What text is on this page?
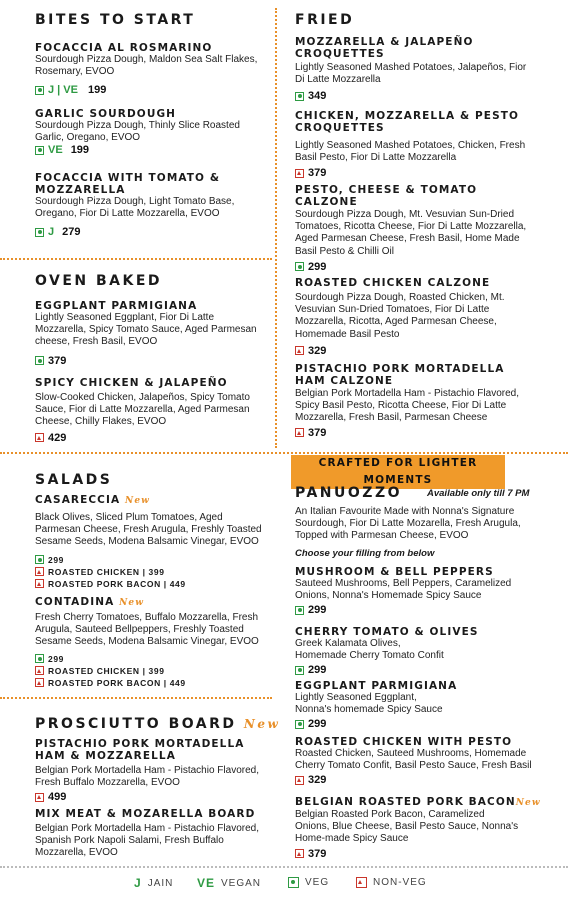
BITES TO START
FOCACCIA AL ROSMARINO
Sourdough Pizza Dough, Maldon Sea Salt Flakes, Rosemary, EVOO
J | VE 199
GARLIC SOURDOUGH
Sourdough Pizza Dough, Thinly Slice Roasted Garlic, Oregano, EVOO
VE 199
FOCACCIA WITH TOMATO & MOZZARELLA
Sourdough Pizza Dough, Light Tomato Base, Oregano, Fior Di Latte Mozzarella, EVOO
J 279
OVEN BAKED
EGGPLANT PARMIGIANA
Lightly Seasoned Eggplant, Fior Di Latte Mozzarella, Spicy Tomato Sauce, Aged Parmesan cheese, Fresh Basil, EVOO
379
SPICY CHICKEN & JALAPEÑO
Slow-Cooked Chicken, Jalapeños, Spicy Tomato Sauce, Fior di Latte Mozzarella, Aged Parmesan Cheese, Chilly Flakes, EVOO
429
SALADS
CASARECCIA New
Black Olives, Sliced Plum Tomatoes, Aged Parmesan Cheese, Fresh Arugula, Freshly Toasted Sesame Seeds, Modena Balsamic Vinegar, EVOO
299
ROASTED CHICKEN | 399
ROASTED PORK BACON | 449
CONTADINA New
Fresh Cherry Tomatoes, Buffalo Mozzarella, Fresh Arugula, Sauteed Bellpeppers, Freshly Toasted Sesame Seeds, Modena Balsamic Vinegar, EVOO
299
ROASTED CHICKEN | 399
ROASTED PORK BACON | 449
PROSCIUTTO BOARD New
PISTACHIO PORK MORTADELLA HAM & MOZZARELLA
Belgian Pork Mortadella Ham - Pistachio Flavored, Fresh Buffalo Mozzarella, EVOO
499
MIX MEAT & MOZARELLA BOARD
Belgian Pork Mortadella Ham - Pistachio Flavored, Spanish Pork Napoli Salami, Fresh Buffalo Mozzarella, EVOO
FRIED
MOZZARELLA & JALAPEÑO CROQUETTES
Lightly Seasoned Mashed Potatoes, Jalapeños, Fior Di Latte Mozzarella
349
CHICKEN, MOZZARELLA & PESTO CROQUETTES
Lightly Seasoned Mashed Potatoes, Chicken, Fresh Basil Pesto, Fior Di Latte Mozzarella
379
PESTO, CHEESE & TOMATO CALZONE
Sourdough Pizza Dough, Mt. Vesuvian Sun-Dried Tomatoes, Ricotta Cheese, Fior Di Latte Mozzarella, Aged Parmesan Cheese, Fresh Basil, Home Made Basil Pesto & Chilli Oil
299
ROASTED CHICKEN CALZONE
Sourdough Pizza Dough, Roasted Chicken, Mt. Vesuvian Sun-Dried Tomatoes, Fior Di Latte Mozzarella, Ricotta, Aged Parmesan Cheese, Homemade Basil Pesto
329
PISTACHIO PORK MORTADELLA HAM CALZONE
Belgian Pork Mortadella Ham - Pistachio Flavored, Spicy Basil Pesto, Ricotta Cheese, Fior Di Latte Mozzarella, Fresh Basil, Parmesan Cheese
379
CRAFTED FOR LIGHTER MOMENTS
PANUOZZO	Available only till 7 PM
An Italian Favourite Made with Nonna's Signature Sourdough, Fior Di Latte Mozarella, Fresh Arugula, Topped with Parmesan Cheese, EVOO
Choose your filling from below
MUSHROOM & BELL PEPPERS
Sauteed Mushrooms, Bell Peppers, Caramelized Onions, Nonna's Homemade Spicy Sauce
299
CHERRY TOMATO & OLIVES
Greek Kalamata Olives, Homemade Cherry Tomato Confit
299
EGGPLANT PARMIGIANA
Lightly Seasoned Eggplant, Nonna's homemade Spicy Sauce
299
ROASTED CHICKEN WITH PESTO
Roasted Chicken, Sauteed Mushrooms, Homemade Cherry Tomato Confit, Basil Pesto Sauce, Fresh Basil
329
BELGIAN ROASTED PORK BACONNew
Belgian Roasted Pork Bacon, Caramelized Onions, Blue Cheese, Basil Pesto Sauce, Nonna's Home-made Spicy Sauce
379
J JAIN VE VEGAN	VEG	NON-VEG
